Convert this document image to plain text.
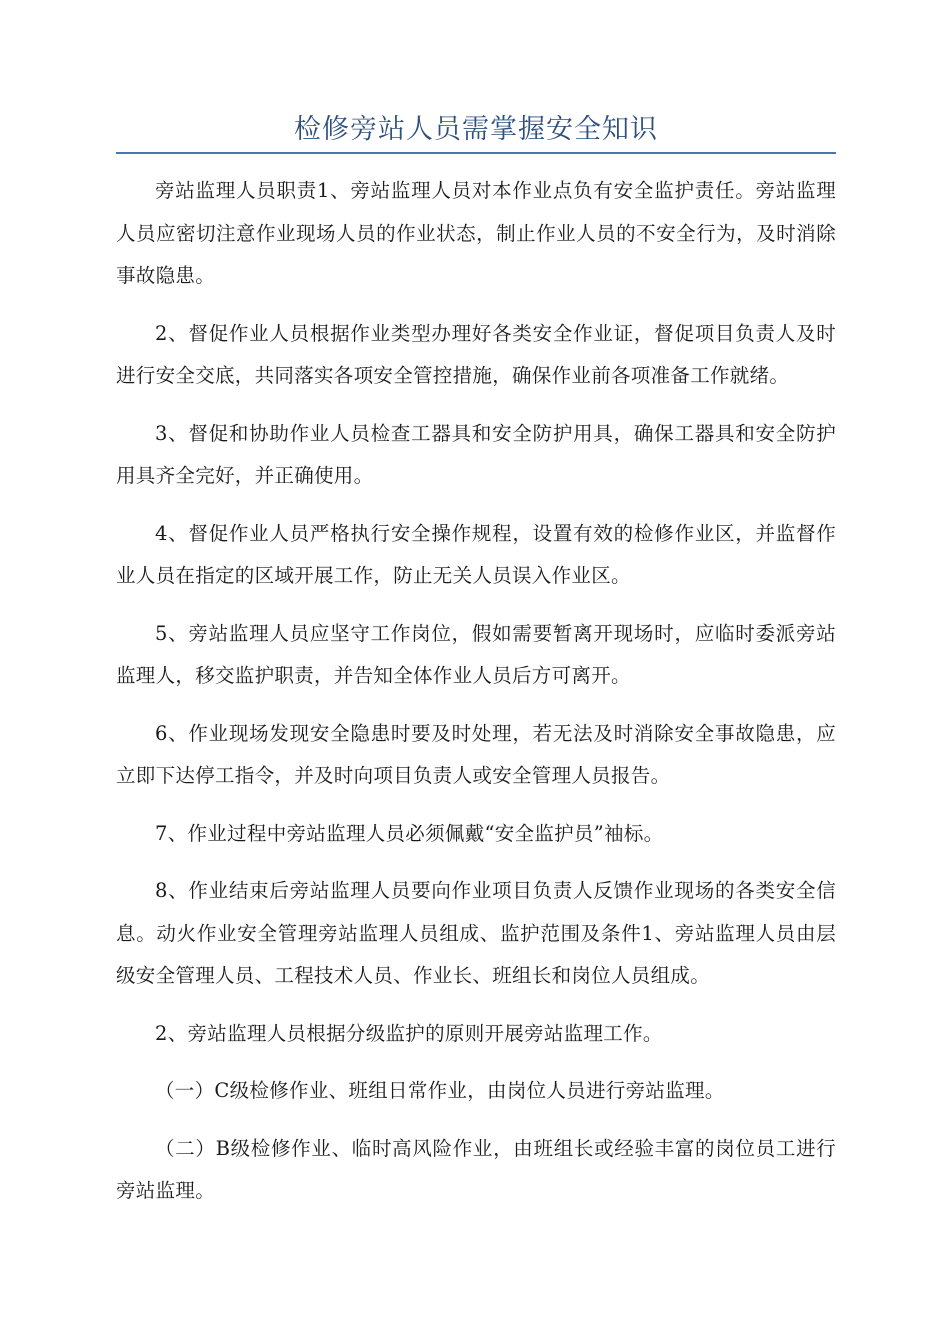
检修旁站人员需掌握安全知识

旁站监理人员职责1、旁站监理人员对本作业点负有安全监护责任。旁站监理人员应密切注意作业现场人员的作业状态，制止作业人员的不安全行为，及时消除事故隐患。

2、督促作业人员根据作业类型办理好各类安全作业证，督促项目负责人及时进行安全交底，共同落实各项安全管控措施，确保作业前各项准备工作就绪。

3、督促和协助作业人员检查工器具和安全防护用具，确保工器具和安全防护用具齐全完好，并正确使用。

4、督促作业人员严格执行安全操作规程，设置有效的检修作业区，并监督作业人员在指定的区域开展工作，防止无关人员误入作业区。

5、旁站监理人员应坚守工作岗位，假如需要暂离开现场时，应临时委派旁站监理人，移交监护职责，并告知全体作业人员后方可离开。

6、作业现场发现安全隐患时要及时处理，若无法及时消除安全事故隐患，应立即下达停工指令，并及时向项目负责人或安全管理人员报告。

7、作业过程中旁站监理人员必须佩戴“安全监护员”袖标。

8、作业结束后旁站监理人员要向作业项目负责人反馈作业现场的各类安全信息。动火作业安全管理旁站监理人员组成、监护范围及条件1、旁站监理人员由层级安全管理人员、工程技术人员、作业长、班组长和岗位人员组成。

2、旁站监理人员根据分级监护的原则开展旁站监理工作。

（一）C级检修作业、班组日常作业，由岗位人员进行旁站监理。

（二）B级检修作业、临时高风险作业，由班组长或经验丰富的岗位员工进行旁站监理。
